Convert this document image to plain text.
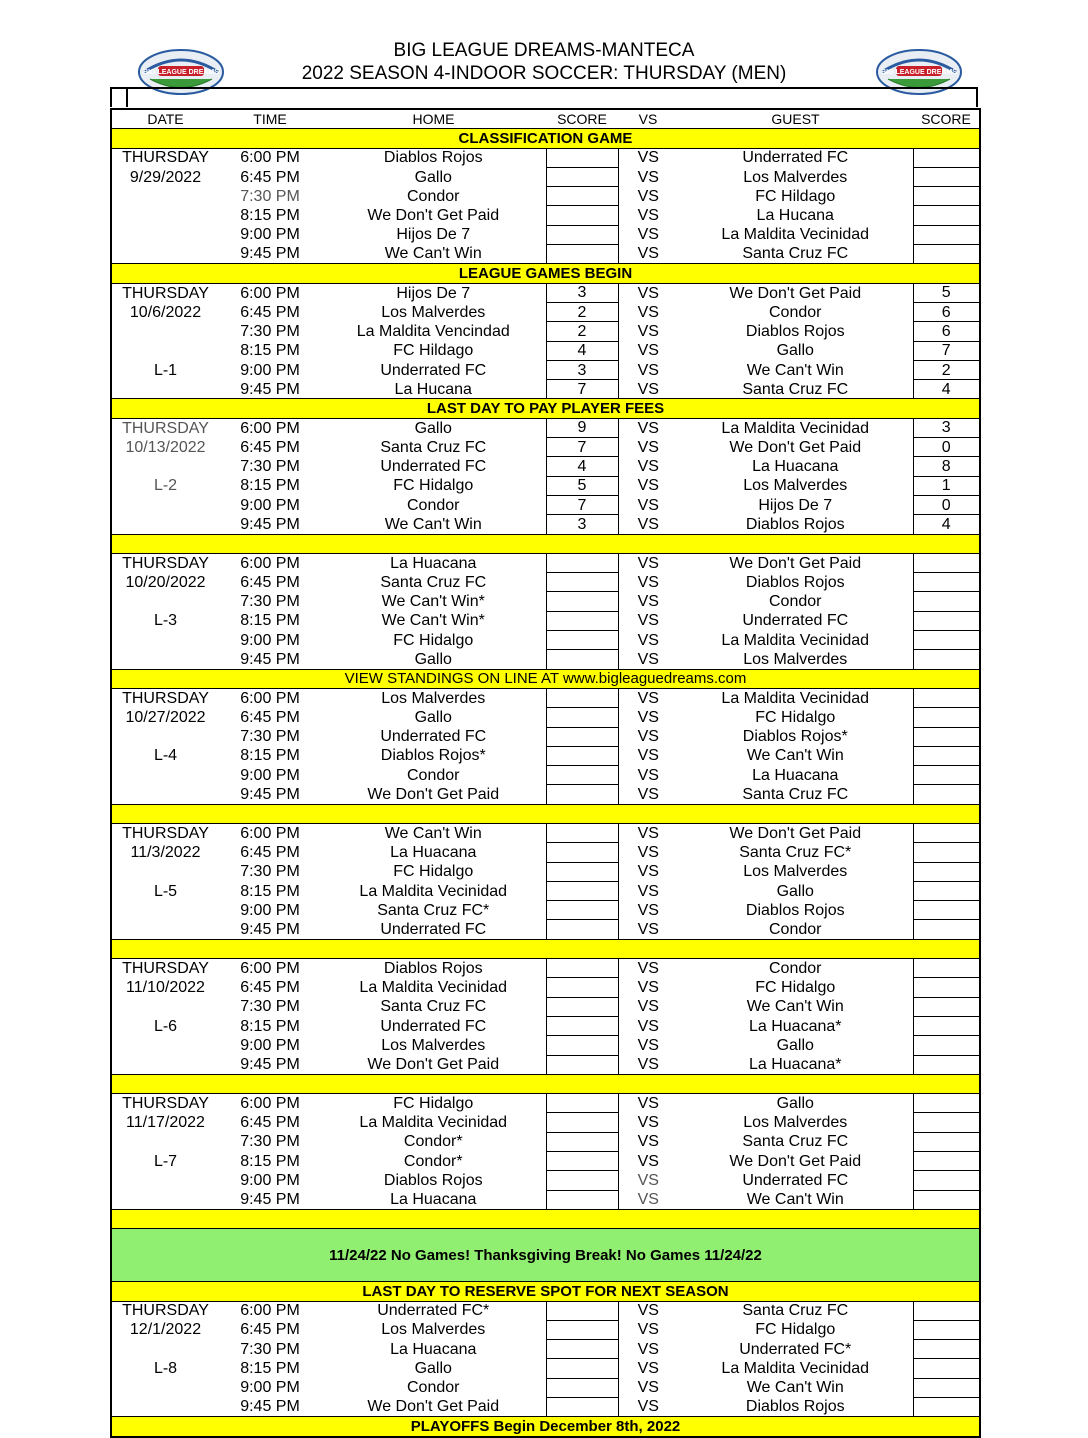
BIG LEAGUE DREAMS-MANTECA
2022 SEASON 4-INDOOR SOCCER: THURSDAY (MEN)
BIG LEAGUE DREAMS	BIG LEAGUE DREAMS
DATE	TIME	HOME	SCORE	VS	GUEST	SCORE
CLASSIFICATION GAME						
THURSDAY	6:00 PM	Diablos Rojos		VS	Underrated FC	
9/29/2022	6:45 PM	Gallo		VS	Los Malverdes	
	7:30 PM	Condor		VS	FC Hildago	
	8:15 PM	We Don't Get Paid		VS	La Hucana	
	9:00 PM	Hijos De 7		VS	La Maldita Vecinidad	
	9:45 PM	We Can't Win		VS	Santa Cruz FC	
LEAGUE GAMES BEGIN						
THURSDAY	6:00 PM	Hijos De 7	3	VS	We Don't Get Paid	5
10/6/2022	6:45 PM	Los Malverdes	2	VS	Condor	6
	7:30 PM	La Maldita Vencindad	2	VS	Diablos Rojos	6
	8:15 PM	FC Hildago	4	VS	Gallo	7
L-1	9:00 PM	Underrated FC	3	VS	We Can't Win	2
	9:45 PM	La Hucana	7	VS	Santa Cruz FC	4
LAST DAY TO PAY PLAYER FEES						
THURSDAY	6:00 PM	Gallo	9	VS	La Maldita Vecinidad	3
10/13/2022	6:45 PM	Santa Cruz FC	7	VS	We Don't Get Paid	0
	7:30 PM	Underrated FC	4	VS	La Huacana	8
L-2	8:15 PM	FC Hidalgo	5	VS	Los Malverdes	1
	9:00 PM	Condor	7	VS	Hijos De 7	0
	9:45 PM	We Can't Win	3	VS	Diablos Rojos	4

THURSDAY	6:00 PM	La Huacana		VS	We Don't Get Paid	
10/20/2022	6:45 PM	Santa Cruz FC		VS	Diablos Rojos	
	7:30 PM	We Can't Win*		VS	Condor	
L-3	8:15 PM	We Can't Win*		VS	Underrated FC	
	9:00 PM	FC Hidalgo		VS	La Maldita Vecinidad	
	9:45 PM	Gallo		VS	Los Malverdes	
VIEW STANDINGS ON LINE AT www.bigleaguedreams.com						
THURSDAY	6:00 PM	Los Malverdes		VS	La Maldita Vecinidad	
10/27/2022	6:45 PM	Gallo		VS	FC Hidalgo	
	7:30 PM	Underrated FC		VS	Diablos Rojos*	
L-4	8:15 PM	Diablos Rojos*		VS	We Can't Win	
	9:00 PM	Condor		VS	La Huacana	
	9:45 PM	We Don't Get Paid		VS	Santa Cruz FC	

THURSDAY	6:00 PM	We Can't Win		VS	We Don't Get Paid	
11/3/2022	6:45 PM	La Huacana		VS	Santa Cruz FC*	
	7:30 PM	FC Hidalgo		VS	Los Malverdes	
L-5	8:15 PM	La Maldita Vecinidad		VS	Gallo	
	9:00 PM	Santa Cruz FC*		VS	Diablos Rojos	
	9:45 PM	Underrated FC		VS	Condor	

THURSDAY	6:00 PM	Diablos Rojos		VS	Condor	
11/10/2022	6:45 PM	La Maldita Vecinidad		VS	FC Hidalgo	
	7:30 PM	Santa Cruz FC		VS	We Can't Win	
L-6	8:15 PM	Underrated FC		VS	La Huacana*	
	9:00 PM	Los Malverdes		VS	Gallo	
	9:45 PM	We Don't Get Paid		VS	La Huacana*	

THURSDAY	6:00 PM	FC Hidalgo		VS	Gallo	
11/17/2022	6:45 PM	La Maldita Vecinidad		VS	Los Malverdes	
	7:30 PM	Condor*		VS	Santa Cruz FC	
L-7	8:15 PM	Condor*		VS	We Don't Get Paid	
	9:00 PM	Diablos Rojos		VS	Underrated FC	
	9:45 PM	La Huacana		VS	We Can't Win	

11/24/22 No Games! Thanksgiving Break! No Games 11/24/22						
LAST DAY TO RESERVE SPOT FOR NEXT SEASON						
THURSDAY	6:00 PM	Underrated FC*		VS	Santa Cruz FC	
12/1/2022	6:45 PM	Los Malverdes		VS	FC Hidalgo	
	7:30 PM	La Huacana		VS	Underrated FC*	
L-8	8:15 PM	Gallo		VS	La Maldita Vecinidad	
	9:00 PM	Condor		VS	We Can't Win	
	9:45 PM	We Don't Get Paid		VS	Diablos Rojos	
PLAYOFFS Begin December 8th, 2022						
